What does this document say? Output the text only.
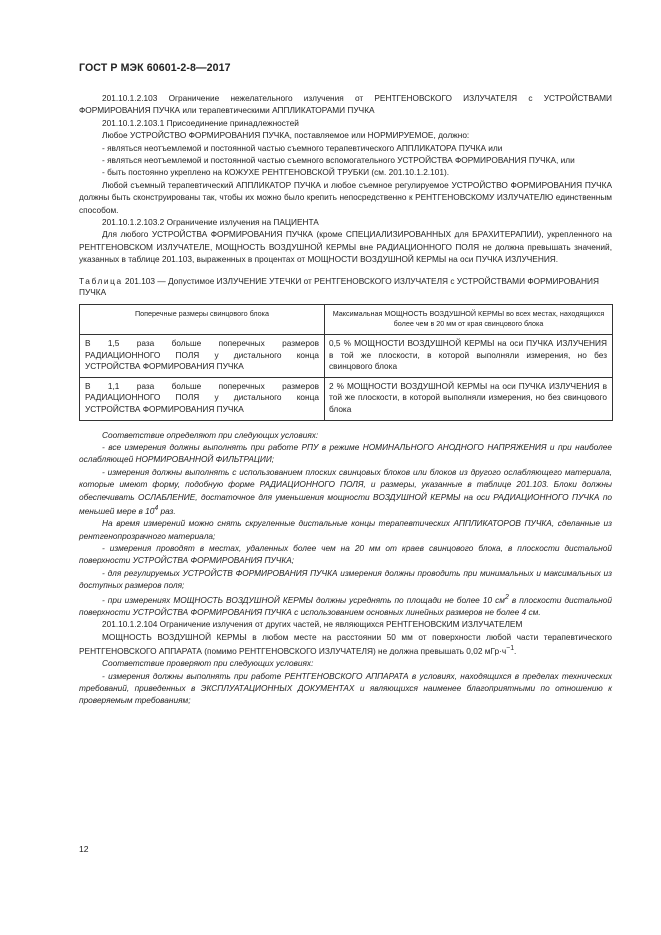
ГОСТ Р МЭК 60601-2-8—2017

201.10.1.2.103 Ограничение нежелательного излучения от РЕНТГЕНОВСКОГО ИЗЛУЧАТЕЛЯ с УСТРОЙСТВАМИ ФОРМИРОВАНИЯ ПУЧКА или терапевтическими АППЛИКАТОРАМИ ПУЧКА

201.10.1.2.103.1 Присоединение принадлежностей

Любое УСТРОЙСТВО ФОРМИРОВАНИЯ ПУЧКА, поставляемое или НОРМИРУЕМОЕ, должно:

- являться неотъемлемой и постоянной частью съемного терапевтического АППЛИКАТОРА ПУЧКА или

- являться неотъемлемой и постоянной частью съемного вспомогательного УСТРОЙСТВА ФОРМИРОВАНИЯ ПУЧКА, или

- быть постоянно укреплено на КОЖУХЕ РЕНТГЕНОВСКОЙ ТРУБКИ (см. 201.10.1.2.101).

Любой съемный терапевтический АППЛИКАТОР ПУЧКА и любое съемное регулируемое УСТРОЙСТВО ФОРМИРОВАНИЯ ПУЧКА должны быть сконструированы так, чтобы их можно было крепить непосредственно к РЕНТГЕНОВСКОМУ ИЗЛУЧАТЕЛЮ единственным способом.

201.10.1.2.103.2 Ограничение излучения на ПАЦИЕНТА

Для любого УСТРОЙСТВА ФОРМИРОВАНИЯ ПУЧКА (кроме СПЕЦИАЛИЗИРОВАННЫХ для БРАХИТЕРАПИИ), укрепленного на РЕНТГЕНОВСКОМ ИЗЛУЧАТЕЛЕ, МОЩНОСТЬ ВОЗДУШНОЙ КЕРМЫ вне РАДИАЦИОННОГО ПОЛЯ не должна превышать значений, указанных в таблице 201.103, выраженных в процентах от МОЩНОСТИ ВОЗДУШНОЙ КЕРМЫ на оси ПУЧКА ИЗЛУЧЕНИЯ.

Таблица 201.103 — Допустимое ИЗЛУЧЕНИЕ УТЕЧКИ от РЕНТГЕНОВСКОГО ИЗЛУЧАТЕЛЯ с УСТРОЙСТВАМИ ФОРМИРОВАНИЯ ПУЧКА

Поперечные размеры свинцового блока	Максимальная МОЩНОСТЬ ВОЗДУШНОЙ КЕРМЫ во всех местах, находящихся более чем в 20 мм от края свинцового блока
В 1,5 раза больше поперечных размеров РАДИАЦИОННОГО ПОЛЯ у дистального конца УСТРОЙСТВА ФОРМИРОВАНИЯ ПУЧКА	0,5 % МОЩНОСТИ ВОЗДУШНОЙ КЕРМЫ на оси ПУЧКА ИЗЛУЧЕНИЯ в той же плоскости, в которой выполняли измерения, но без свинцового блока
В 1,1 раза больше поперечных размеров РАДИАЦИОННОГО ПОЛЯ у дистального конца УСТРОЙСТВА ФОРМИРОВАНИЯ ПУЧКА	2 % МОЩНОСТИ ВОЗДУШНОЙ КЕРМЫ на оси ПУЧКА ИЗЛУЧЕНИЯ в той же плоскости, в которой выполняли измерения, но без свинцового блока

Соответствие определяют при следующих условиях:

- все измерения должны выполнять при работе РПУ в режиме НОМИНАЛЬНОГО АНОДНОГО НАПРЯЖЕНИЯ и при наиболее ослабляющей НОРМИРОВАННОЙ ФИЛЬТРАЦИИ;

- измерения должны выполнять с использованием плоских свинцовых блоков или блоков из другого ослабляющего материала, которые имеют форму, подобную форме РАДИАЦИОННОГО ПОЛЯ, и размеры, указанные в таблице 201.103. Блоки должны обеспечивать ОСЛАБЛЕНИЕ, достаточное для уменьшения мощности ВОЗДУШНОЙ КЕРМЫ на оси РАДИАЦИОННОГО ПУЧКА по меньшей мере в $10^4$ раз.

На время измерений можно снять скругленные дистальные концы терапевтических АППЛИКАТОРОВ ПУЧКА, сделанные из рентгенопрозрачного материала;

- измерения проводят в местах, удаленных более чем на 20 мм от краев свинцового блока, в плоскости дистальной поверхности УСТРОЙСТВА ФОРМИРОВАНИЯ ПУЧКА;

- для регулируемых УСТРОЙСТВ ФОРМИРОВАНИЯ ПУЧКА измерения должны проводить при минимальных и максимальных из доступных размеров поля;

- при измерениях МОЩНОСТЬ ВОЗДУШНОЙ КЕРМЫ должны усреднять по площади не более 10 $см^2$ в плоскости дистальной поверхности УСТРОЙСТВА ФОРМИРОВАНИЯ ПУЧКА с использованием основных линейных размеров не более 4 см.

201.10.1.2.104 Ограничение излучения от других частей, не являющихся РЕНТГЕНОВСКИМ ИЗЛУЧАТЕЛЕМ

МОЩНОСТЬ ВОЗДУШНОЙ КЕРМЫ в любом месте на расстоянии 50 мм от поверхности любой части терапевтического РЕНТГЕНОВСКОГО АППАРАТА (помимо РЕНТГЕНОВСКОГО ИЗЛУЧАТЕЛЯ) не должна превышать 0,02 $мГр\cdot ч^{-1}$.

Соответствие проверяют при следующих условиях:

- измерения должны выполнять при работе РЕНТГЕНОВСКОГО АППАРАТА в условиях, находящихся в пределах технических требований, приведенных в ЭКСПЛУАТАЦИОННЫХ ДОКУМЕНТАХ и являющихся наименее благоприятными по отношению к проверяемым требованиям;

12
